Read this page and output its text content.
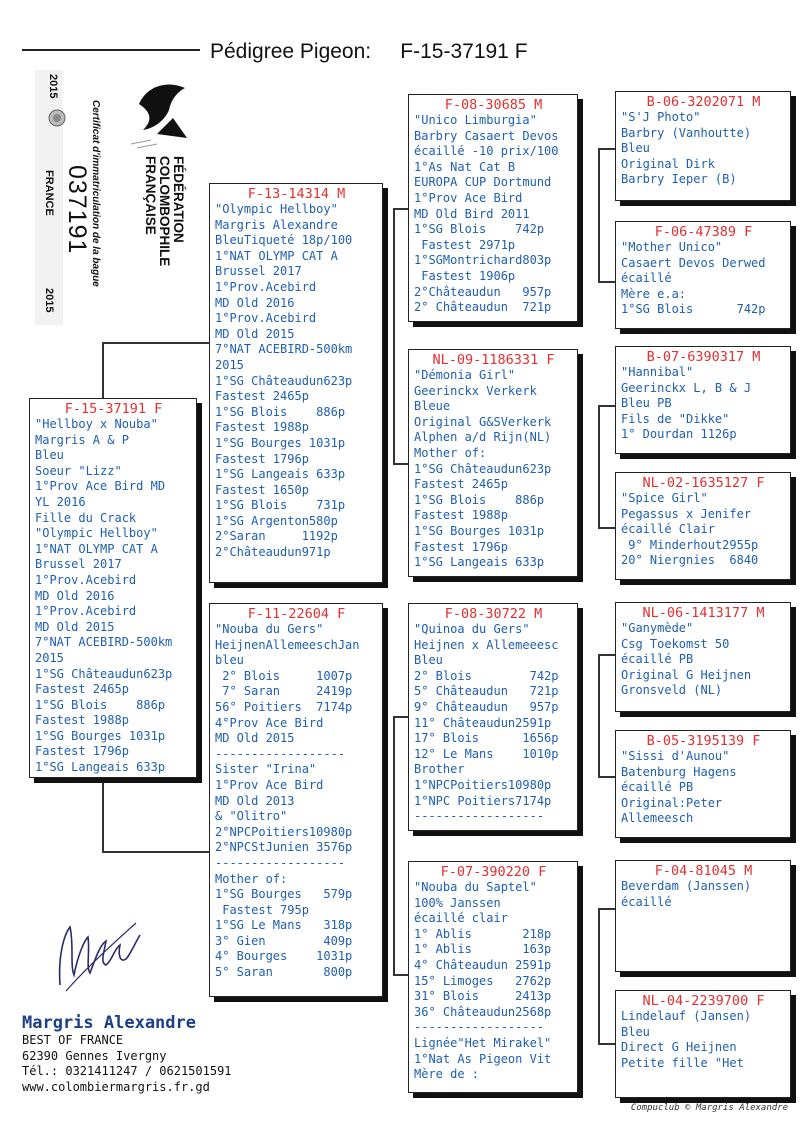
Pédigree Pigeon:     F-15-37191 F
2015
Certificat d'immatriculation de la bague
037191
FRANCE
2015
FÉDÉRATION
COLOMBOPHILE
FRANÇAISE
F-15-37191 F
"Hellboy x Nouba"
Margris A & P
Bleu
Soeur "Lizz"
1°Prov Ace Bird MD
YL 2016
Fille du Crack
"Olympic Hellboy"
1°NAT OLYMP CAT A
Brussel 2017
1°Prov.Acebird
MD Old 2016
1°Prov.Acebird
MD Old 2015
7°NAT ACEBIRD-500km
2015
1°SG Châteaudun623p
Fastest 2465p
1°SG Blois    886p
Fastest 1988p
1°SG Bourges 1031p
Fastest 1796p
1°SG Langeais 633p
F-13-14314 M
"Olympic Hellboy"
Margris Alexandre
BleuTiqueté 18p/100
1°NAT OLYMP CAT A
Brussel 2017
1°Prov.Acebird
MD Old 2016
1°Prov.Acebird
MD Old 2015
7°NAT ACEBIRD-500km
2015
1°SG Châteaudun623p
Fastest 2465p
1°SG Blois    886p
Fastest 1988p
1°SG Bourges 1031p
Fastest 1796p
1°SG Langeais 633p
Fastest 1650p
1°SG Blois    731p
1°SG Argenton580p
2°Saran     1192p
2°Châteaudun971p
F-11-22604 F
"Nouba du Gers"
HeijnenAllemeeschJan
bleu
2° Blois     1007p
7° Saran     2419p
56° Poitiers  7174p
4°Prov Ace Bird
MD Old 2015
------------------
Sister "Irina"
1°Prov Ace Bird
MD Old 2013
& "Olitro"
2°NPCPoitiers10980p
2°NPCStJunien 3576p
------------------
Mother of:
1°SG Bourges   579p
Fastest 795p
1°SG Le Mans   318p
3° Gien        409p
4° Bourges    1031p
5° Saran       800p
F-08-30685 M
"Unico Limburgia"
Barbry Casaert Devos
écaillé -10 prix/100
1°As Nat Cat B
EUROPA CUP Dortmund
1°Prov Ace Bird
MD Old Bird 2011
1°SG Blois    742p
Fastest 2971p
1°SGMontrichard803p
Fastest 1906p
2°Châteaudun   957p
2° Châteaudun  721p
NL-09-1186331 F
"Démonia Girl"
Geerinckx Verkerk
Bleue
Original G&SVerkerk
Alphen a/d Rijn(NL)
Mother of:
1°SG Châteaudun623p
Fastest 2465p
1°SG Blois    886p
Fastest 1988p
1°SG Bourges 1031p
Fastest 1796p
1°SG Langeais 633p
F-08-30722 M
"Quinoa du Gers"
Heijnen x Allemeeesc
Bleu
2° Blois        742p
5° Châteaudun   721p
9° Châteaudun   957p
11° Châteaudun2591p
17° Blois      1656p
12° Le Mans    1010p
Brother
1°NPCPoitiers10980p
1°NPC Poitiers7174p
------------------
F-07-390220 F
"Nouba du Saptel"
100% Janssen
écaillé clair
1° Ablis       218p
1° Ablis       163p
4° Châteaudun 2591p
15° Limoges   2762p
31° Blois     2413p
36° Châteaudun2568p
------------------
Lignée"Het Mirakel"
1°Nat As Pigeon Vit
Mère de :
B-06-3202071 M
"S'J Photo"
Barbry (Vanhoutte)
Bleu
Original Dirk
Barbry Ieper (B)
F-06-47389 F
"Mother Unico"
Casaert Devos Derwed
écaillé
Mère e.a:
1°SG Blois      742p
B-07-6390317 M
"Hannibal"
Geerinckx L, B & J
Bleu PB
Fils de "Dikke"
1° Dourdan 1126p
NL-02-1635127 F
"Spice Girl"
Pegassus x Jenifer
écaillé Clair
9° Minderhout2955p
20° Niergnies  6840
NL-06-1413177 M
"Ganymède"
Csg Toekomst 50
écaillé PB
Original G Heijnen
Gronsveld (NL)
B-05-3195139 F
"Sissi d'Aunou"
Batenburg Hagens
écaillé PB
Original:Peter
Allemeesch
F-04-81045 M
Beverdam (Janssen)
écaillé
NL-04-2239700 F
Lindelauf (Jansen)
Bleu
Direct G Heijnen
Petite fille "Het
Margris Alexandre
BEST OF FRANCE
62390 Gennes Ivergny
Tél.: 0321411247 / 0621501591
www.colombiermargris.fr.gd
Compuclub © Margris Alexandre
